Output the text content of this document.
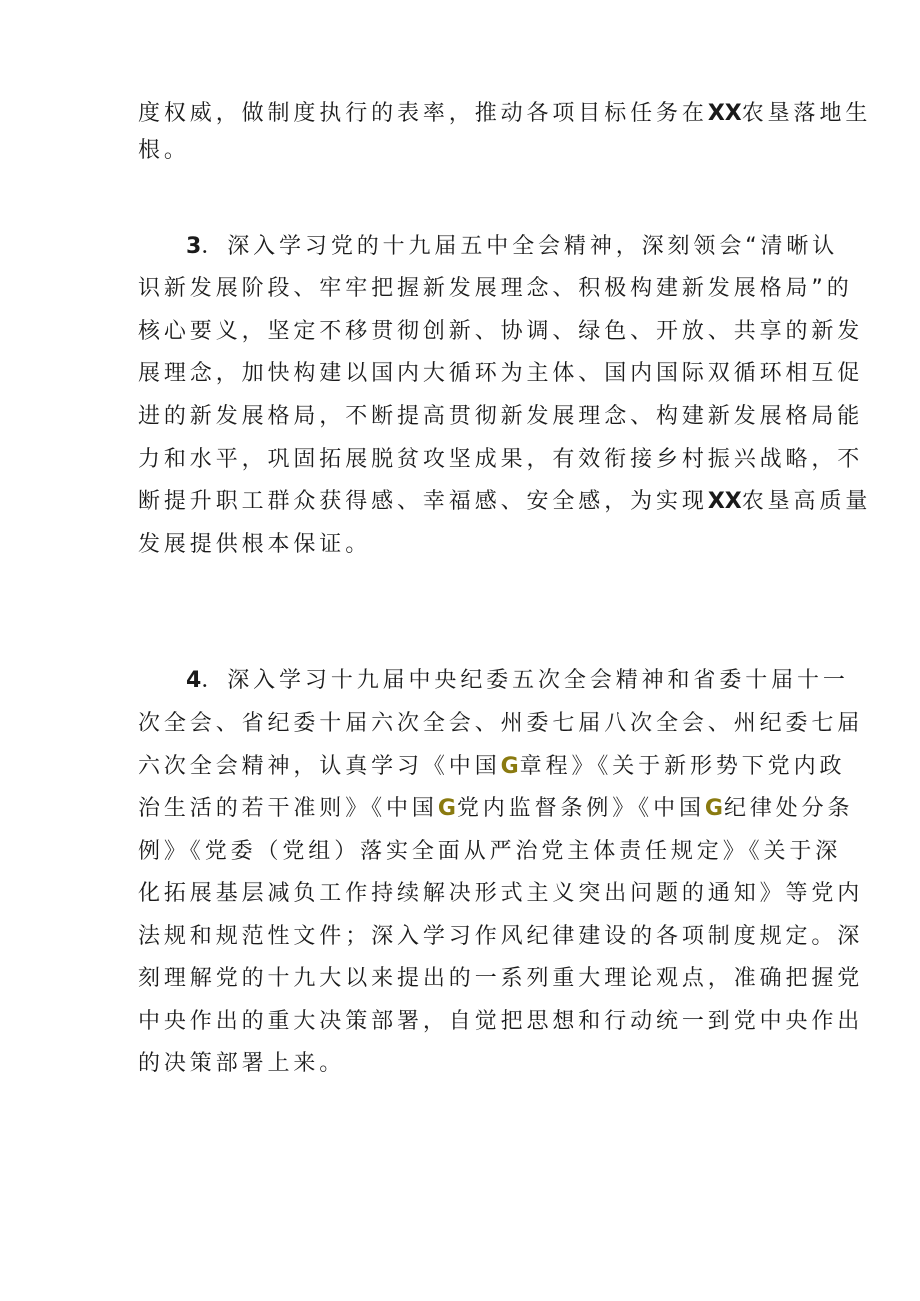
度权威，做制度执行的表率，推动各项目标任务在XX农垦落地生
根。
3．深入学习党的十九届五中全会精神，深刻领会“清晰认
识新发展阶段、牢牢把握新发展理念、积极构建新发展格局”的
核心要义，坚定不移贯彻创新、协调、绿色、开放、共享的新发
展理念，加快构建以国内大循环为主体、国内国际双循环相互促
进的新发展格局，不断提高贯彻新发展理念、构建新发展格局能
力和水平，巩固拓展脱贫攻坚成果，有效衔接乡村振兴战略，不
断提升职工群众获得感、幸福感、安全感，为实现XX农垦高质量
发展提供根本保证。
4．深入学习十九届中央纪委五次全会精神和省委十届十一
次全会、省纪委十届六次全会、州委七届八次全会、州纪委七届
六次全会精神，认真学习《中国G章程》《关于新形势下党内政
治生活的若干准则》《中国G党内监督条例》《中国G纪律处分条
例》《党委（党组）落实全面从严治党主体责任规定》《关于深
化拓展基层减负工作持续解决形式主义突出问题的通知》等党内
法规和规范性文件；深入学习作风纪律建设的各项制度规定。深
刻理解党的十九大以来提出的一系列重大理论观点，准确把握党
中央作出的重大决策部署，自觉把思想和行动统一到党中央作出
的决策部署上来。
